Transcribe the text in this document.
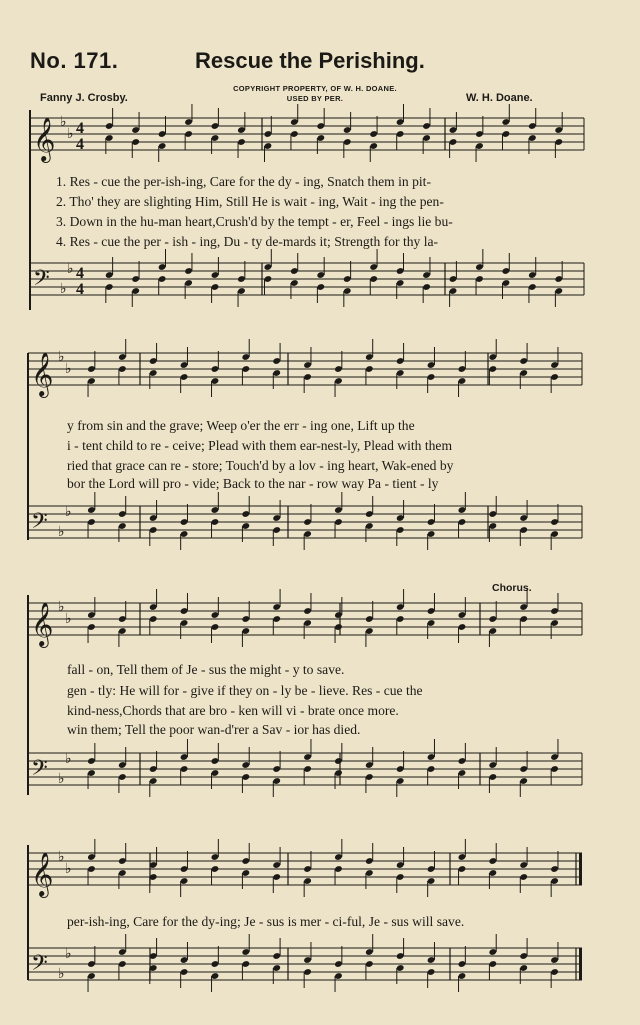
No. 171.	Rescue the Perishing.
COPYRIGHT PROPERTY, OF W. H. DOANE.
USED BY PER.
Fanny J. Crosby.	W. H. Doane.
Chorus.
𝄞 ♭
♭ 4
4
1. Res - cue the per-ish-ing, Care for the dy - ing, Snatch them in pit-
2. Tho' they are slighting Him, Still He is wait - ing, Wait - ing the pen-
3. Down in the hu-man heart,Crush'd by the tempt - er, Feel - ings lie bu-
4. Res - cue the per - ish - ing, Du - ty de-mards it; Strength for thy la-
𝄢 ♭
♭ 4
4
𝄞 ♭
♭
y from sin and the grave; Weep o'er the err - ing one, Lift up the
i - tent child to re - ceive; Plead with them ear-nest-ly, Plead with them
ried that grace can re - store; Touch'd by a lov - ing heart, Wak-ened by
bor the Lord will pro - vide; Back to the nar - row way Pa - tient - ly
𝄢 ♭
♭
𝄞 ♭
♭
fall - on, Tell them of Je - sus the might - y to save.
gen - tly: He will for - give if they on - ly be - lieve. Res - cue the
kind-ness,Chords that are bro - ken will vi - brate once more.
win them; Tell the poor wan-d'rer a Sav - ior has died.
𝄢 ♭
♭
𝄞 ♭
♭
per-ish-ing, Care for the dy-ing; Je - sus is mer - ci-ful, Je - sus will save.
𝄢 ♭
♭
